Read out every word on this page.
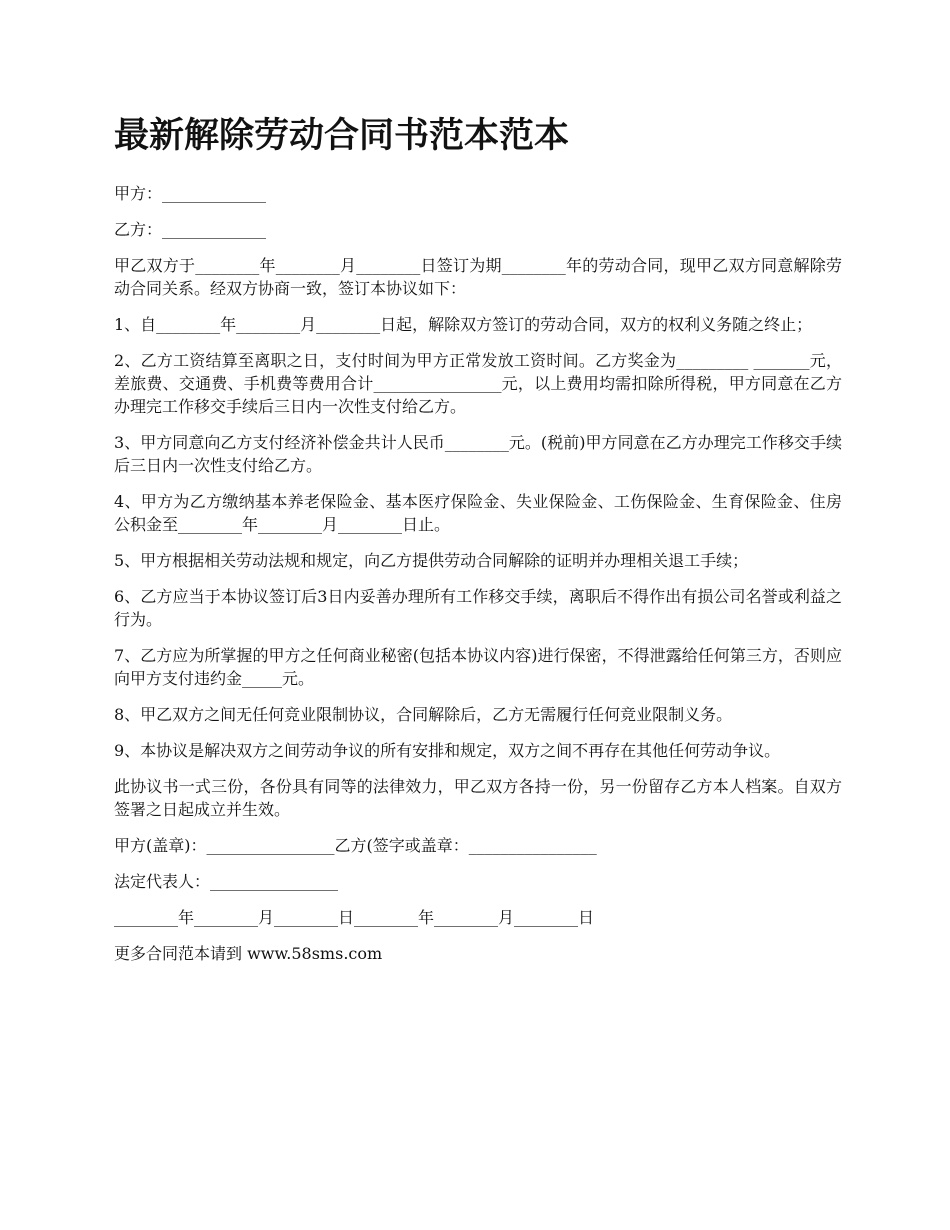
最新解除劳动合同书范本范本

甲方：_____________

乙方：_____________

甲乙双方于________年________月________日签订为期________年的劳动合同，现甲乙双方同意解除劳动合同关系。经双方协商一致，签订本协议如下：

1、自________年________月________日起，解除双方签订的劳动合同，双方的权利义务随之终止；

2、乙方工资结算至离职之日，支付时间为甲方正常发放工资时间。乙方奖金为_________ _______元，差旅费、交通费、手机费等费用合计________________元，以上费用均需扣除所得税，甲方同意在乙方办理完工作移交手续后三日内一次性支付给乙方。

3、甲方同意向乙方支付经济补偿金共计人民币________元。(税前)甲方同意在乙方办理完工作移交手续后三日内一次性支付给乙方。

4、甲方为乙方缴纳基本养老保险金、基本医疗保险金、失业保险金、工伤保险金、生育保险金、住房公积金至________年________月________日止。

5、甲方根据相关劳动法规和规定，向乙方提供劳动合同解除的证明并办理相关退工手续；

6、乙方应当于本协议签订后3日内妥善办理所有工作移交手续，离职后不得作出有损公司名誉或利益之行为。

7、乙方应为所掌握的甲方之任何商业秘密(包括本协议内容)进行保密，不得泄露给任何第三方，否则应向甲方支付违约金_____元。

8、甲乙双方之间无任何竞业限制协议，合同解除后，乙方无需履行任何竞业限制义务。

9、本协议是解决双方之间劳动争议的所有安排和规定，双方之间不再存在其他任何劳动争议。

此协议书一式三份，各份具有同等的法律效力，甲乙双方各持一份，另一份留存乙方本人档案。自双方签署之日起成立并生效。

甲方(盖章)：________________乙方(签字或盖章：________________

法定代表人：________________

________年________月________日________年________月________日

更多合同范本请到 www.58sms.com
